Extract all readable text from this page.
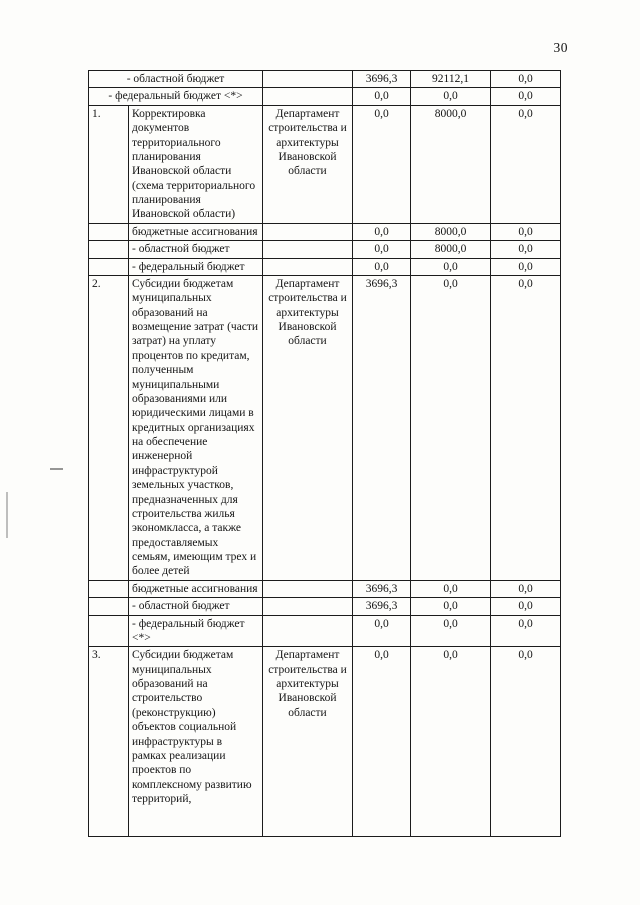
30
- областной бюджет			3696,3	92112,1	0,0
- федеральный бюджет <*>			0,0	0,0	0,0
1.	Корректировка документов территориального планирования Ивановской области (схема территориального планирования Ивановской области)	Департамент строительства и архитектуры Ивановской области	0,0	8000,0	0,0
	бюджетные ассигнования		0,0	8000,0	0,0
	- областной бюджет		0,0	8000,0	0,0
	- федеральный бюджет		0,0	0,0	0,0
2.	Субсидии бюджетам муниципальных образований на возмещение затрат (части затрат) на уплату процентов по кредитам, полученным муниципальными образованиями или юридическими лицами в кредитных организациях на обеспечение инженерной инфраструктурой земельных участков, предназначенных для строительства жилья экономкласса, а также предоставляемых семьям, имеющим трех и более детей	Департамент строительства и архитектуры Ивановской области	3696,3	0,0	0,0
	бюджетные ассигнования		3696,3	0,0	0,0
	- областной бюджет		3696,3	0,0	0,0
	- федеральный бюджет <*>		0,0	0,0	0,0
3.	Субсидии бюджетам муниципальных образований на строительство (реконструкцию) объектов социальной инфраструктуры в рамках реализации проектов по комплексному развитию территорий,	Департамент строительства и архитектуры Ивановской области	0,0	0,0	0,0
